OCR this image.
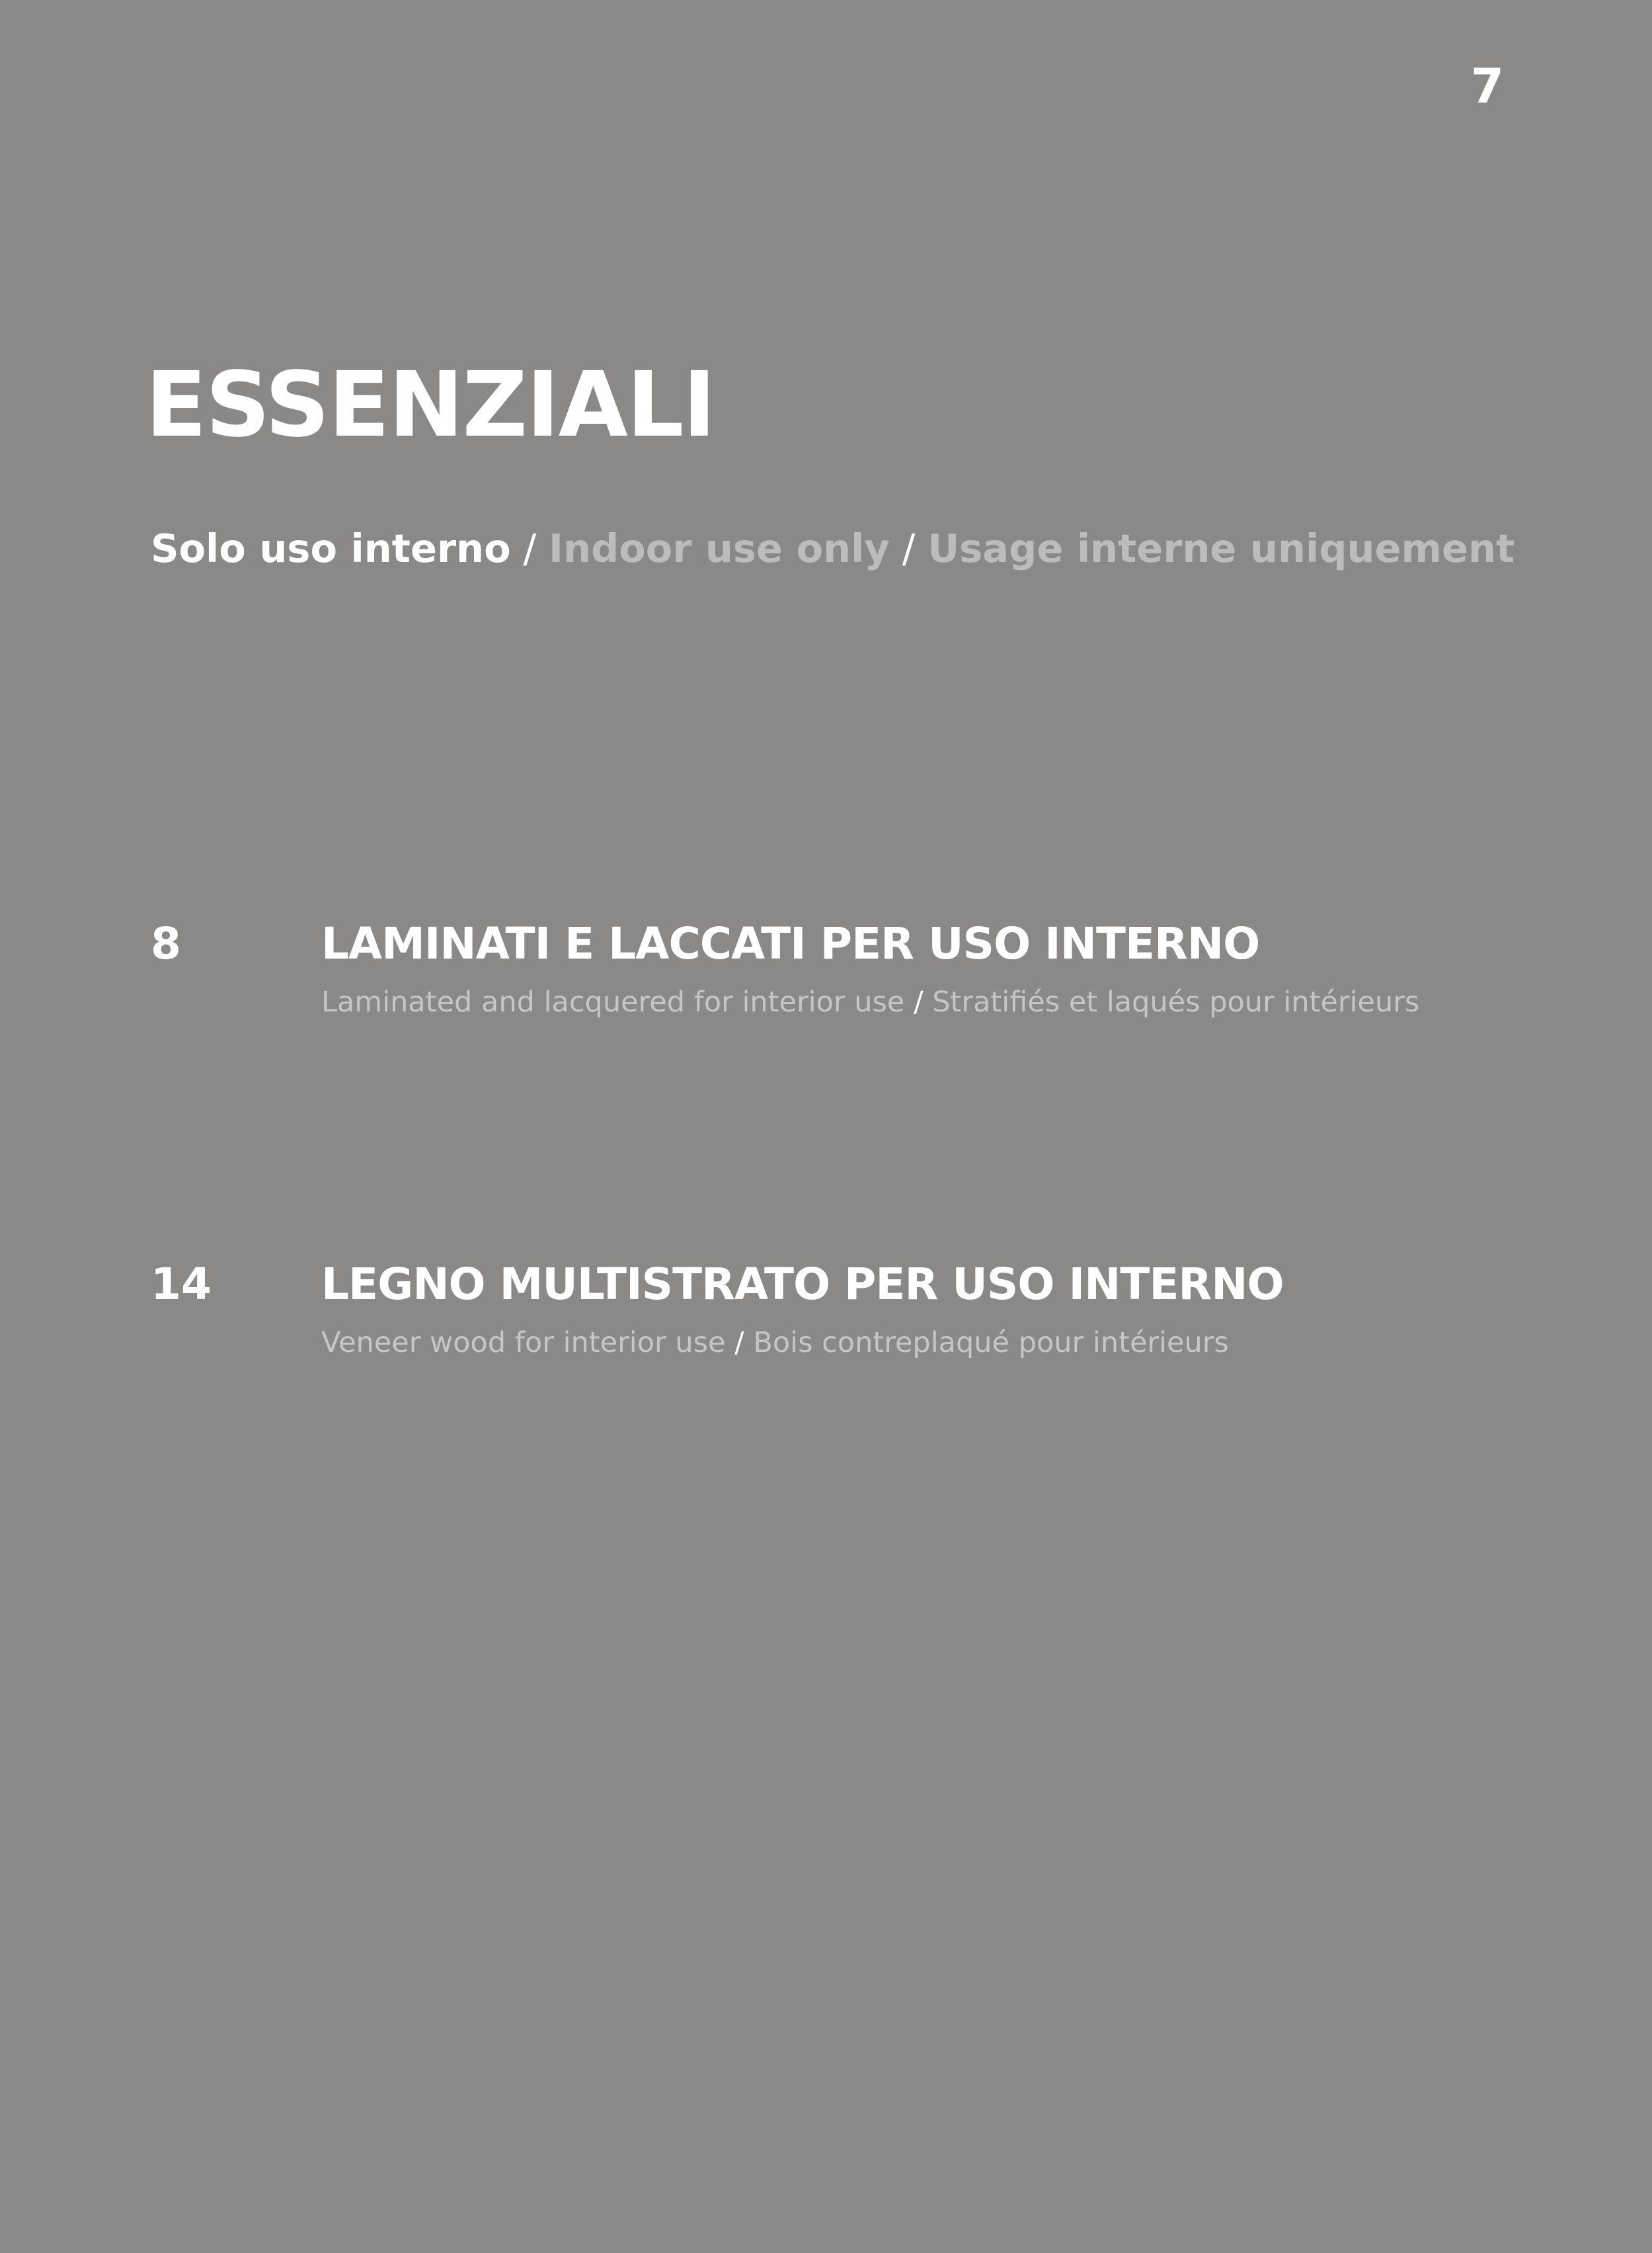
7
ESSENZIALI
Solo uso interno / Indoor use only / Usage interne uniquement
8	LAMINATI E LACCATI PER USO INTERNO
Laminated and lacquered for interior use / Stratifiés et laqués pour intérieurs
14	LEGNO MULTISTRATO PER USO INTERNO
Veneer wood for interior use / Bois contreplaqué pour intérieurs
